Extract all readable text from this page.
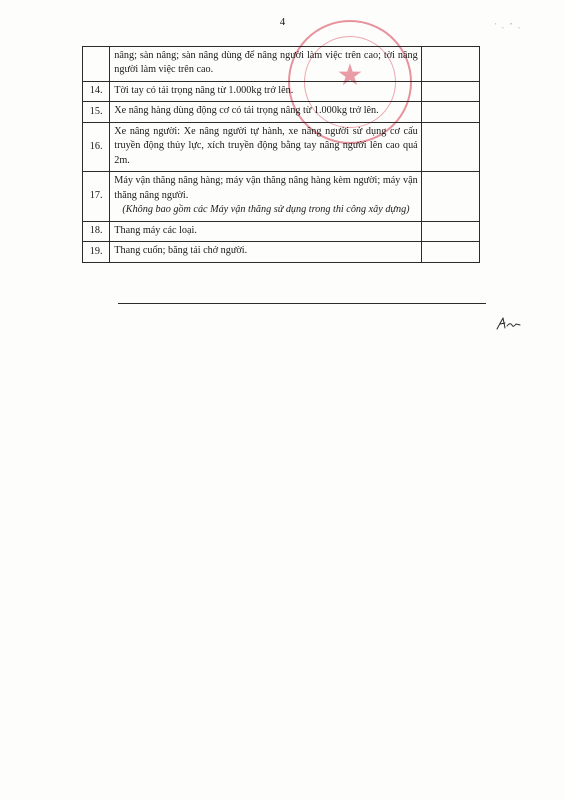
4	' , " ,
★
	nâng; sàn nâng; sàn nâng dùng để nâng người làm việc trên cao; tời nâng người làm việc trên cao.	
14.	Tời tay có tải trọng nâng từ 1.000kg trở lên.	
15.	Xe nâng hàng dùng động cơ có tải trọng nâng từ 1.000kg trở lên.	
16.	Xe nâng người: Xe nâng người tự hành, xe nâng người sử dụng cơ cấu truyền động thủy lực, xích truyền động bằng tay nâng người lên cao quá 2m.	
17.	Máy vận thăng nâng hàng; máy vận thăng nâng hàng kèm người; máy vận thăng nâng người.
(Không bao gồm các Máy vận thăng sử dụng trong thi công xây dựng)	

18.	Thang máy các loại.	
19.	Thang cuốn; băng tải chở người.	
